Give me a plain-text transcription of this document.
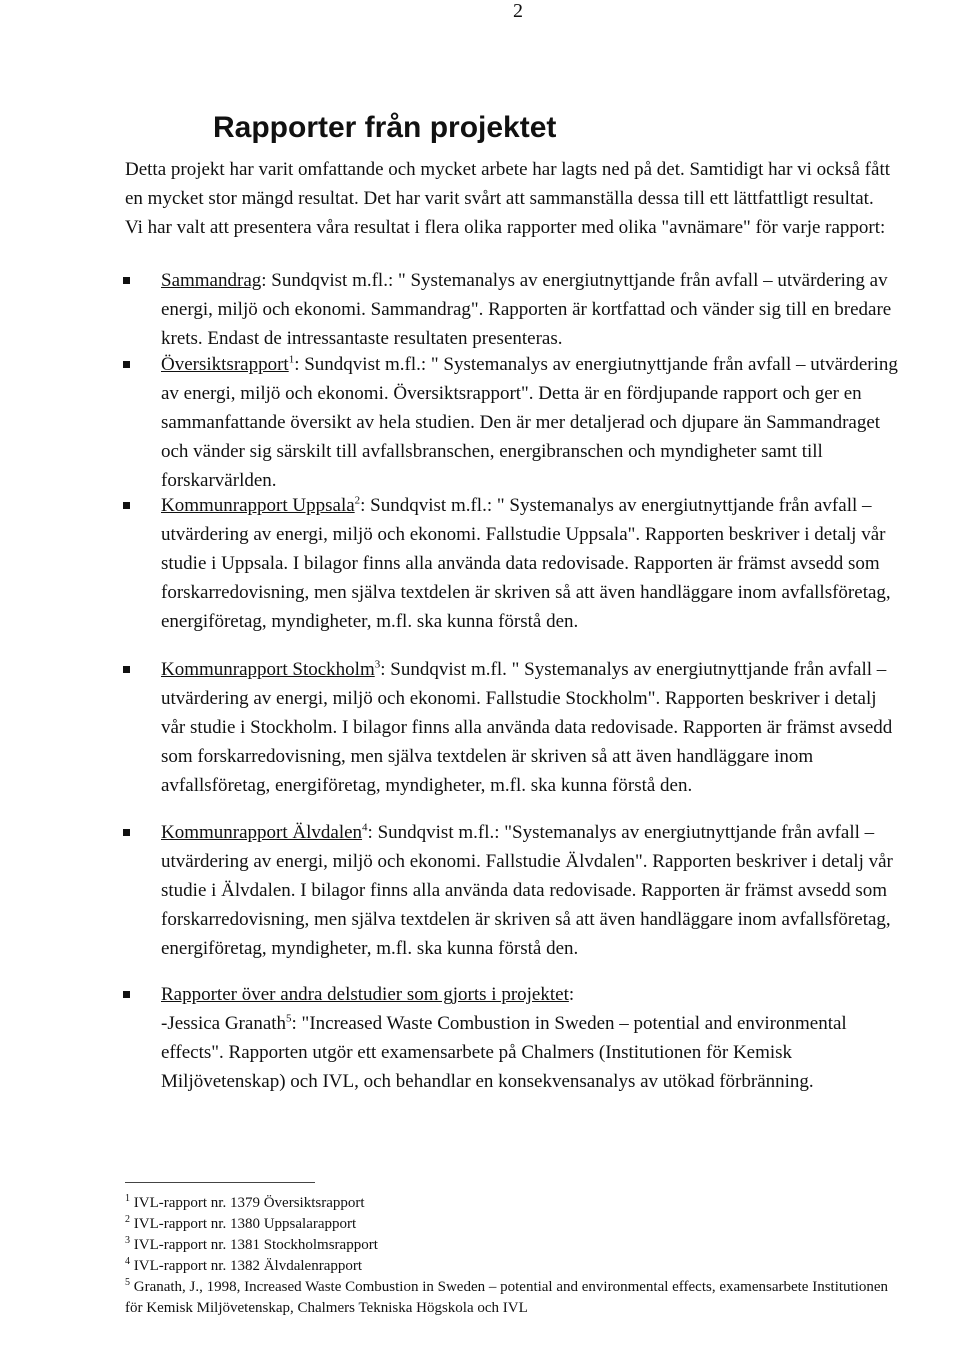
2
Rapporter från projektet

Detta projekt har varit omfattande och mycket arbete har lagts ned på det. Samtidigt har vi också fått en mycket stor mängd resultat. Det har varit svårt att sammanställa dessa till ett lättfattligt resultat. Vi har valt att presentera våra resultat i flera olika rapporter med olika "avnämare" för varje rapport:

Sammandrag: Sundqvist m.fl.: " Systemanalys av energiutnyttjande från avfall – utvärdering av energi, miljö och ekonomi. Sammandrag". Rapporten är kortfattad och vänder sig till en bredare krets. Endast de intressantaste resultaten presenteras.
Översiktsrapport$^1$: Sundqvist m.fl.: " Systemanalys av energiutnyttjande från avfall – utvärdering av energi, miljö och ekonomi. Översiktsrapport". Detta är en fördjupande rapport och ger en sammanfattande översikt av hela studien. Den är mer detaljerad och djupare än Sammandraget och vänder sig särskilt till avfallsbranschen, energibranschen och myndigheter samt till forskarvärlden.
Kommunrapport Uppsala$^2$: Sundqvist m.fl.: " Systemanalys av energiutnyttjande från avfall – utvärdering av energi, miljö och ekonomi. Fallstudie Uppsala". Rapporten beskriver i detalj vår studie i Uppsala. I bilagor finns alla använda data redovisade. Rapporten är främst avsedd som forskarredovisning, men själva textdelen är skriven så att även handläggare inom avfallsföretag, energiföretag, myndigheter, m.fl. ska kunna förstå den.
Kommunrapport Stockholm$^3$: Sundqvist m.fl. " Systemanalys av energiutnyttjande från avfall – utvärdering av energi, miljö och ekonomi. Fallstudie Stockholm". Rapporten beskriver i detalj vår studie i Stockholm. I bilagor finns alla använda data redovisade. Rapporten är främst avsedd som forskarredovisning, men själva textdelen är skriven så att även handläggare inom avfallsföretag, energiföretag, myndigheter, m.fl. ska kunna förstå den.
Kommunrapport Älvdalen$^4$: Sundqvist m.fl.: "Systemanalys av energiutnyttjande från avfall – utvärdering av energi, miljö och ekonomi. Fallstudie Älvdalen". Rapporten beskriver i detalj vår studie i Älvdalen. I bilagor finns alla använda data redovisade. Rapporten är främst avsedd som forskarredovisning, men själva textdelen är skriven så att även handläggare inom avfallsföretag, energiföretag, myndigheter, m.fl. ska kunna förstå den.

Rapporter över andra delstudier som gjorts i projektet:

-Jessica Granath$^5$: "Increased Waste Combustion in Sweden – potential and environmental effects". Rapporten utgör ett examensarbete på Chalmers (Institutionen för Kemisk Miljövetenskap) och IVL, och behandlar en konsekvensanalys av utökad förbränning.

$^1$ IVL-rapport nr. 1379 Översiktsrapport

$^2$ IVL-rapport nr. 1380 Uppsalarapport

$^3$ IVL-rapport nr. 1381 Stockholmsrapport

$^4$ IVL-rapport nr. 1382 Älvdalenrapport

$^5$ Granath, J., 1998, Increased Waste Combustion in Sweden – potential and environmental effects, examensarbete Institutionen för Kemisk Miljövetenskap, Chalmers Tekniska Högskola och IVL
